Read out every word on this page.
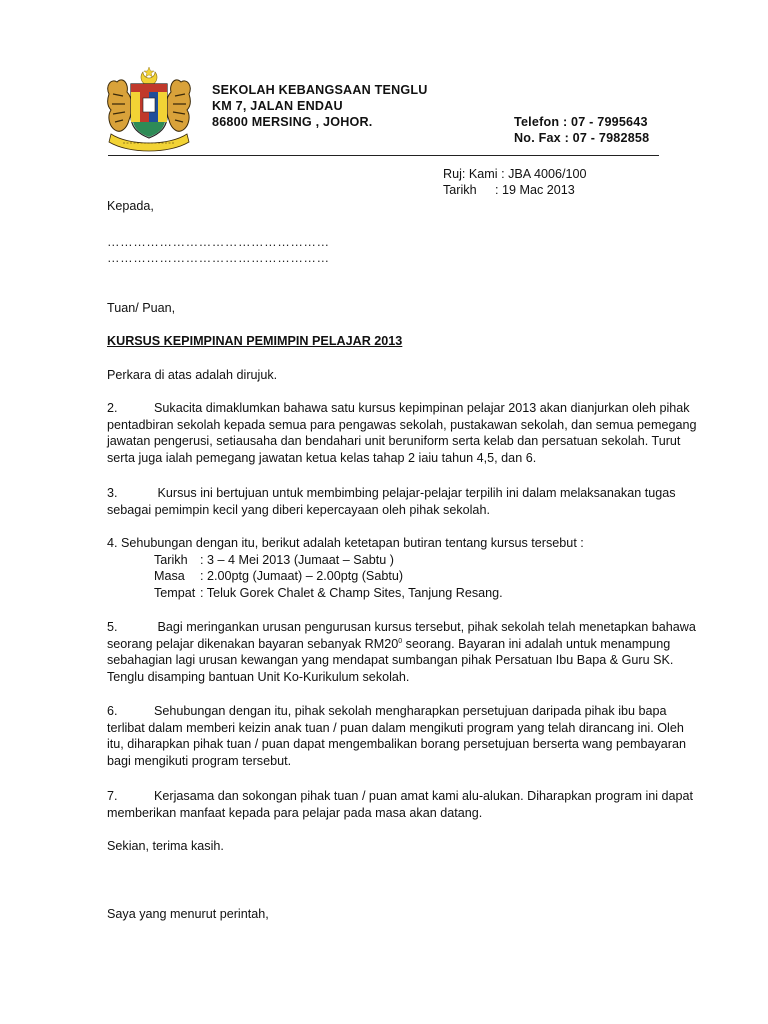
SEKOLAH KEBANGSAAN TENGLU
KM 7, JALAN ENDAU
86800 MERSING , JOHOR.	Telefon : 07 - 7995643
No. Fax : 07 - 7982858
Ruj: Kami : JBA 4006/100
Tarikh : 19 Mac 2013
Kepada,
……………………………………………
……………………………………………
Tuan/ Puan,
KURSUS KEPIMPINAN PEMIMPIN PELAJAR 2013
Perkara di atas adalah dirujuk.
2.	Sukacita dimaklumkan bahawa satu kursus kepimpinan pelajar 2013 akan dianjurkan oleh pihak
pentadbiran sekolah kepada semua para pengawas sekolah, pustakawan sekolah, dan semua pemegang
jawatan pengerusi, setiausaha dan bendahari unit beruniform serta kelab dan persatuan sekolah. Turut
serta juga ialah pemegang jawatan ketua kelas tahap 2 iaiu tahun 4,5, dan 6.
3.	Kursus ini bertujuan untuk membimbing pelajar-pelajar terpilih ini dalam melaksanakan tugas
sebagai pemimpin kecil yang diberi kepercayaan oleh pihak sekolah.
4. Sehubungan dengan itu, berikut adalah ketetapan butiran tentang kursus tersebut :
Tarikh : 3 – 4 Mei 2013 (Jumaat – Sabtu )
Masa : 2.00ptg (Jumaat) – 2.00ptg (Sabtu)
Tempat : Teluk Gorek Chalet & Champ Sites, Tanjung Resang.
5.	Bagi meringankan urusan pengurusan kursus tersebut, pihak sekolah telah menetapkan bahawa
seorang pelajar dikenakan bayaran sebanyak $RM20^0$ seorang. Bayaran ini adalah untuk menampung
sebahagian lagi urusan kewangan yang mendapat sumbangan pihak Persatuan Ibu Bapa & Guru SK.
Tenglu disamping bantuan Unit Ko-Kurikulum sekolah.
6.	Sehubungan dengan itu, pihak sekolah mengharapkan persetujuan daripada pihak ibu bapa
terlibat dalam memberi keizin anak tuan / puan dalam mengikuti program yang telah dirancang ini. Oleh
itu, diharapkan pihak tuan / puan dapat mengembalikan borang persetujuan berserta wang pembayaran
bagi mengikuti program tersebut.
7.	Kerjasama dan sokongan pihak tuan / puan amat kami alu-alukan. Diharapkan program ini dapat
memberikan manfaat kepada para pelajar pada masa akan datang.
Sekian, terima kasih.
Saya yang menurut perintah,
